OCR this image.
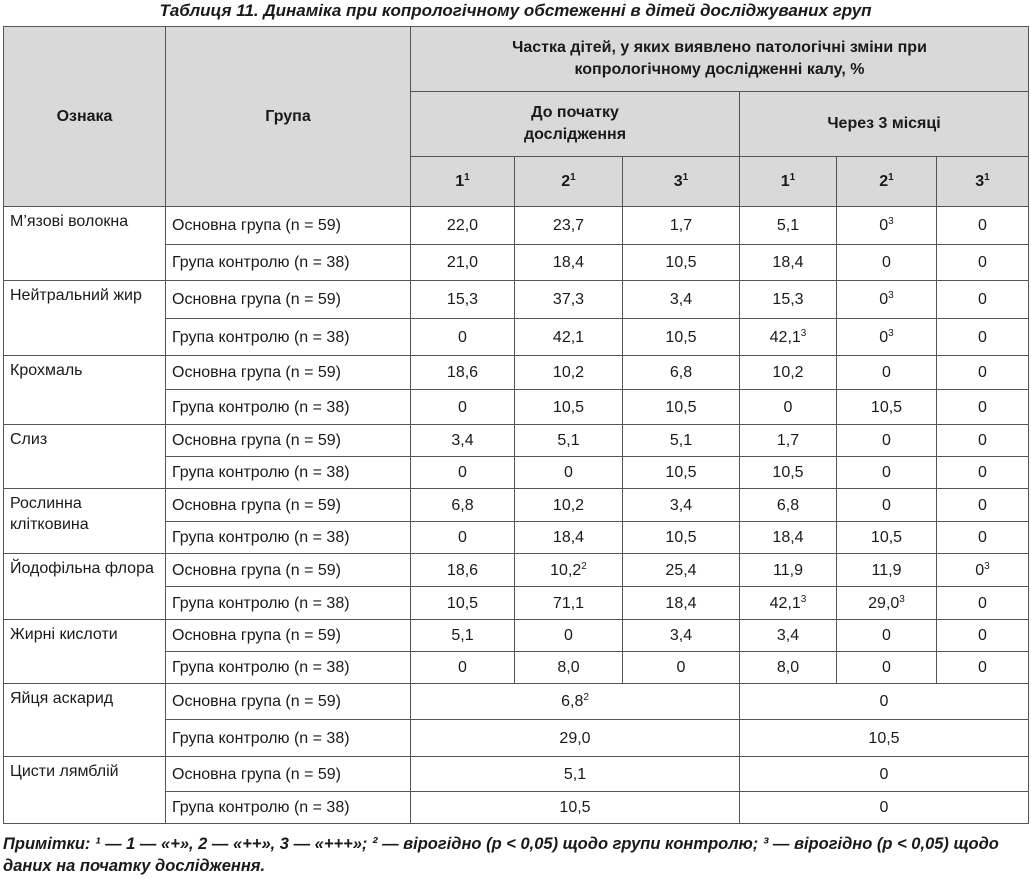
Таблиця 11. Динаміка при копрологічному обстеженні в дітей досліджуваних груп
Ознака	Група	Частка дітей, у яких виявлено патологічні зміни при копрологічному дослідженні калу, %					
		До початку дослідження			Через 3 місяці		
		$1^1$	$2^1$	$3^1$	$1^1$	$2^1$	$3^1$
М’язові волокна	Основна група (n = 59)	22,0	23,7	1,7	5,1	$0^3$	0
	Група контролю (n = 38)	21,0	18,4	10,5	18,4	0	0
Нейтральний жир	Основна група (n = 59)	15,3	37,3	3,4	15,3	$0^3$	0
	Група контролю (n = 38)	0	42,1	10,5	42,1$^3$	$0^3$	0
Крохмаль	Основна група (n = 59)	18,6	10,2	6,8	10,2	0	0
	Група контролю (n = 38)	0	10,5	10,5	0	10,5	0
Слиз	Основна група (n = 59)	3,4	5,1	5,1	1,7	0	0
	Група контролю (n = 38)	0	0	10,5	10,5	0	0
Рослинна клітковина	Основна група (n = 59)	6,8	10,2	3,4	6,8	0	0
	Група контролю (n = 38)	0	18,4	10,5	18,4	10,5	0
Йодофільна флора	Основна група (n = 59)	18,6	10,2$^2$	25,4	11,9	11,9	$0^3$
	Група контролю (n = 38)	10,5	71,1	18,4	42,1$^3$	29,0$^3$	0
Жирні кислоти	Основна група (n = 59)	5,1	0	3,4	3,4	0	0
	Група контролю (n = 38)	0	8,0	0	8,0	0	0
Яйця аскарид	Основна група (n = 59)	$6,8^2$			0		
	Група контролю (n = 38)	29,0			10,5		
Цисти лямблій	Основна група (n = 59)	5,1			0		
	Група контролю (n = 38)	10,5			0		
Примітки: ¹ — 1 — «+», 2 — «++», 3 — «+++»; ² — вірогідно (p < 0,05) щодо групи контролю; ³ — вірогідно (p < 0,05) щодо даних на початку дослідження.
